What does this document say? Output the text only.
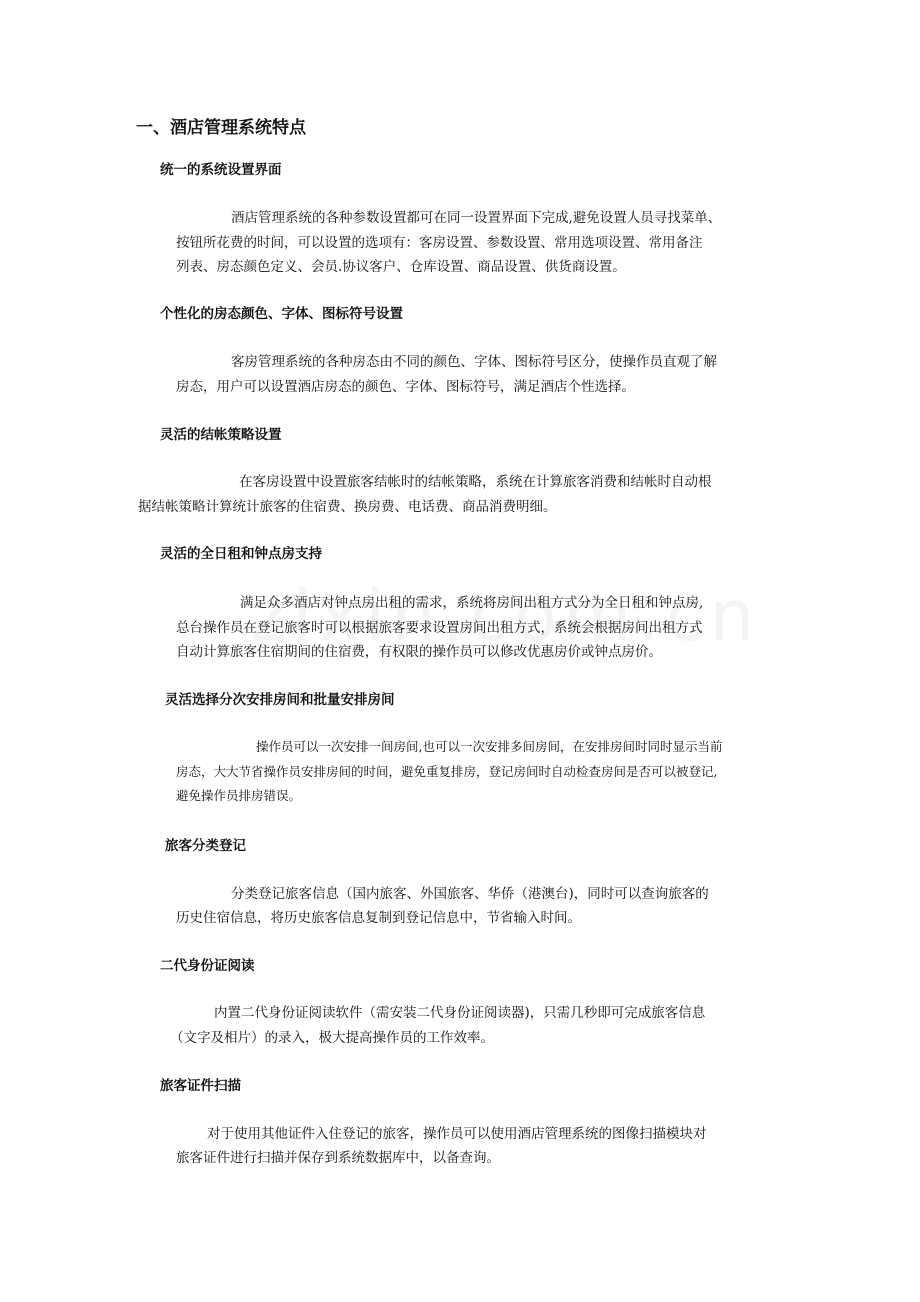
一、酒店管理系统特点
统一的系统设置界面
酒店管理系统的各种参数设置都可在同一设置界面下完成,避免设置人员寻找菜单、
按钮所花费的时间，可以设置的选项有：客房设置、参数设置、常用选项设置、常用备注
列表、房态颜色定义、会员.协议客户、仓库设置、商品设置、供货商设置。
个性化的房态颜色、字体、图标符号设置
客房管理系统的各种房态由不同的颜色、字体、图标符号区分，使操作员直观了解
房态，用户可以设置酒店房态的颜色、字体、图标符号，满足酒店个性选择。
灵活的结帐策略设置
在客房设置中设置旅客结帐时的结帐策略，系统在计算旅客消费和结帐时自动根
据结帐策略计算统计旅客的住宿费、换房费、电话费、商品消费明细。
灵活的全日租和钟点房支持
满足众多酒店对钟点房出租的需求，系统将房间出租方式分为全日租和钟点房,
总台操作员在登记旅客时可以根据旅客要求设置房间出租方式，系统会根据房间出租方式
自动计算旅客住宿期间的住宿费，有权限的操作员可以修改优惠房价或钟点房价。
灵活选择分次安排房间和批量安排房间
操作员可以一次安排一间房间,也可以一次安排多间房间，在安排房间时同时显示当前
房态，大大节省操作员安排房间的时间，避免重复排房，登记房间时自动检查房间是否可以被登记,
避免操作员排房错误。
旅客分类登记
分类登记旅客信息（国内旅客、外国旅客、华侨（港澳台)，同时可以查询旅客的
历史住宿信息，将历史旅客信息复制到登记信息中，节省输入时间。
二代身份证阅读
内置二代身份证阅读软件（需安装二代身份证阅读器)，只需几秒即可完成旅客信息
（文字及相片）的录入，极大提高操作员的工作效率。
旅客证件扫描
对于使用其他证件入住登记的旅客，操作员可以使用酒店管理系统的图像扫描模块对
旅客证件进行扫描并保存到系统数据库中，以备查询。
